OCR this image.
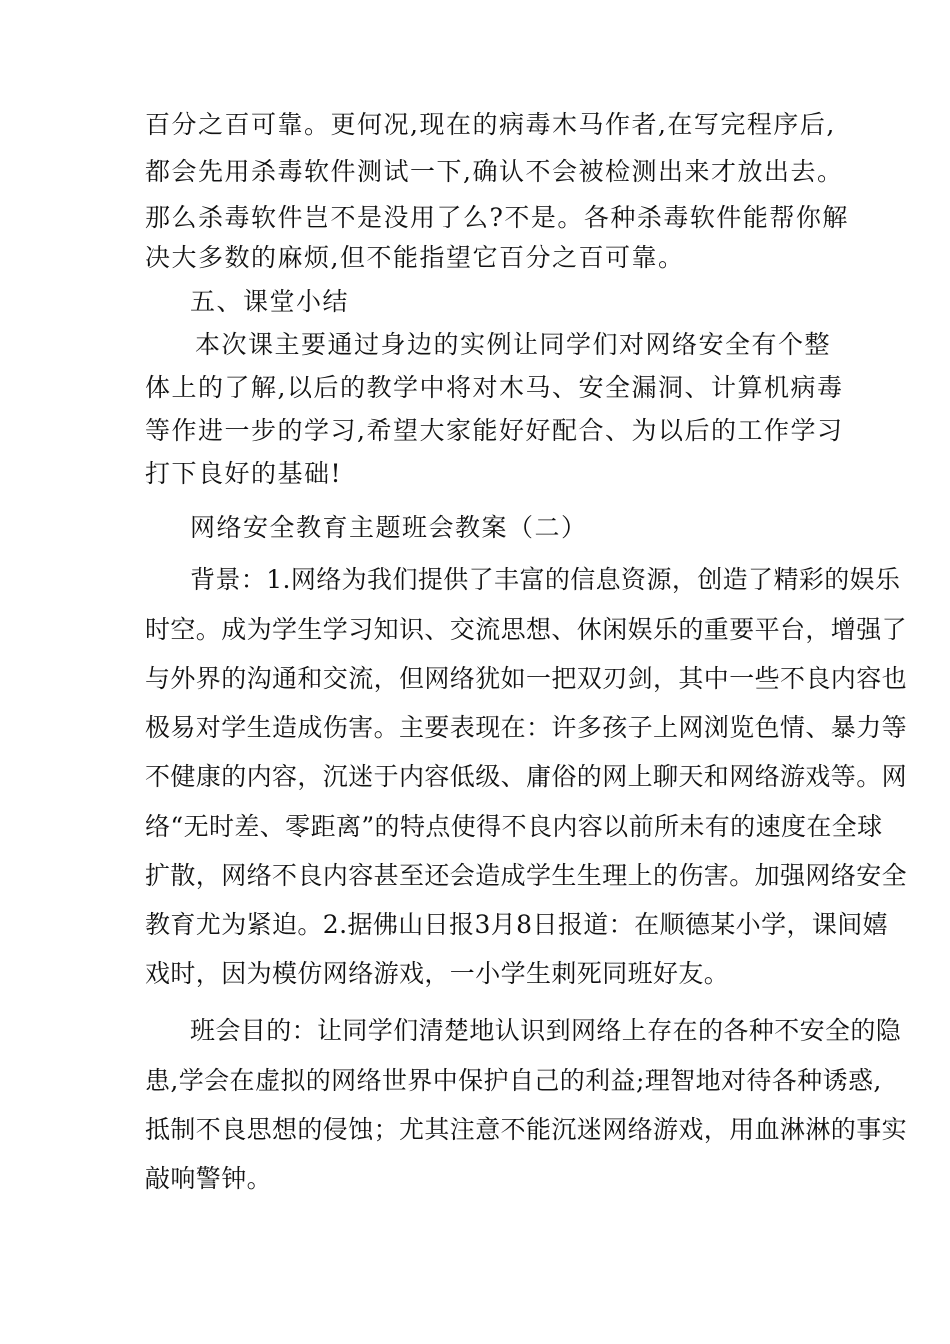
百分之百可靠。更何况,现在的病毒木马作者,在写完程序后,
都会先用杀毒软件测试一下,确认不会被检测出来才放出去。
那么杀毒软件岂不是没用了么?不是。各种杀毒软件能帮你解
决大多数的麻烦,但不能指望它百分之百可靠。
五、课堂小结
本次课主要通过身边的实例让同学们对网络安全有个整
体上的了解,以后的教学中将对木马、安全漏洞、计算机病毒
等作进一步的学习,希望大家能好好配合、为以后的工作学习
打下良好的基础!
网络安全教育主题班会教案（二）
背景：1.网络为我们提供了丰富的信息资源，创造了精彩的娱乐
时空。成为学生学习知识、交流思想、休闲娱乐的重要平台，增强了
与外界的沟通和交流，但网络犹如一把双刃剑，其中一些不良内容也
极易对学生造成伤害。主要表现在：许多孩子上网浏览色情、暴力等
不健康的内容，沉迷于内容低级、庸俗的网上聊天和网络游戏等。网
络“无时差、零距离”的特点使得不良内容以前所未有的速度在全球
扩散，网络不良内容甚至还会造成学生生理上的伤害。加强网络安全
教育尤为紧迫。2.据佛山日报3月8日报道：在顺德某小学，课间嬉
戏时，因为模仿网络游戏，一小学生刺死同班好友。
班会目的：让同学们清楚地认识到网络上存在的各种不安全的隐
患,学会在虚拟的网络世界中保护自己的利益;理智地对待各种诱惑,
抵制不良思想的侵蚀；尤其注意不能沉迷网络游戏，用血淋淋的事实
敲响警钟。
